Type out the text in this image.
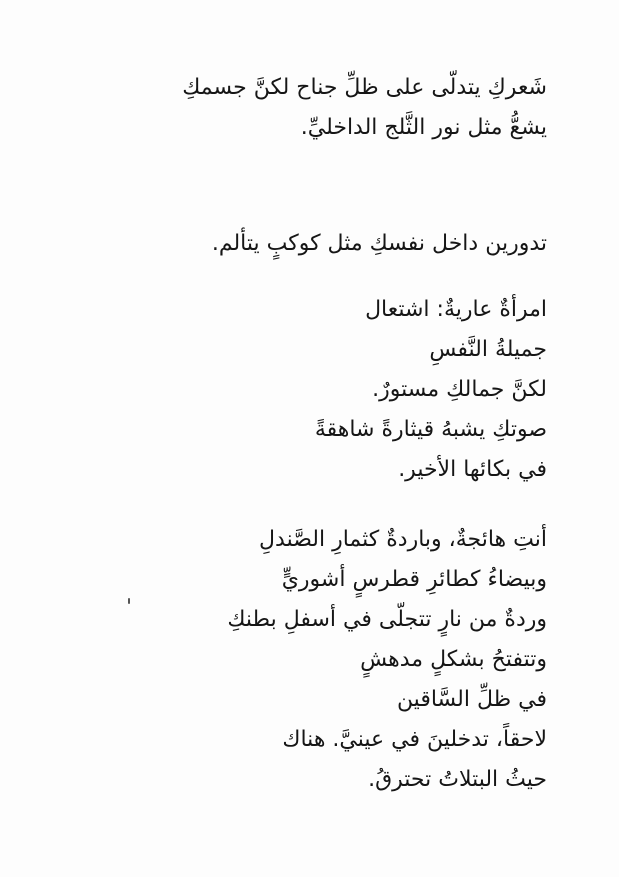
شَعركِ يتدلّى على ظلِّ جناح لكنَّ جسمكِ
يشعُّ مثل نور الثَّلج الداخليِّ.
تدورين داخل نفسكِ مثل كوكبٍ يتألم.
امرأةٌ عاريةٌ: اشتعال
جميلةُ النَّفسِ
لكنَّ جمالكِ مستورٌ.
صوتكِ يشبهُ قيثارةً شاهقةً
في بكائها الأخير.
أنتِ هائجةٌ، وباردةٌ كثمارِ الصَّندلِ
وبيضاءُ كطائرِ قطرسٍ أشوريٍّ
وردةٌ من نارٍ تتجلّى في أسفلِ بطنكِ
وتتفتحُ بشكلٍ مدهشٍ
في ظلِّ السَّاقين
لاحقاً، تدخلينَ في عينيَّ. هناك
حيثُ البتلاتُ تحترقُ.
